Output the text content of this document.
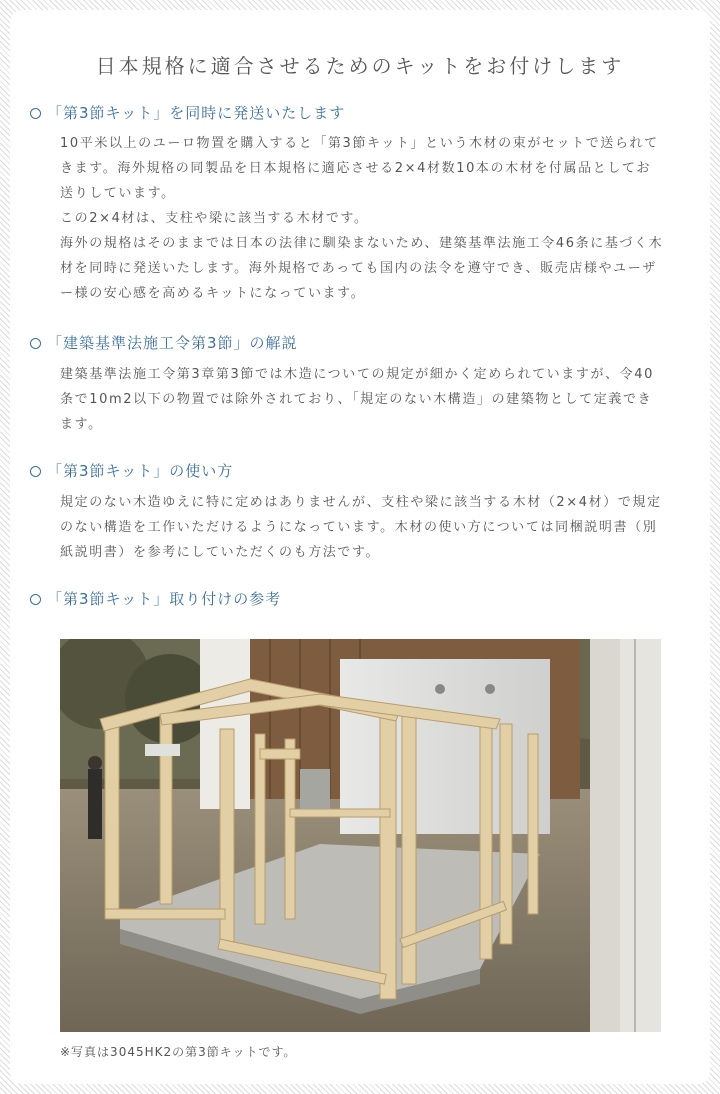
日本規格に適合させるためのキットをお付けします
「第3節キット」を同時に発送いたします

10平米以上のユーロ物置を購入すると「第3節キット」という木材の束がセットで送られてきます。海外規格の同製品を日本規格に適応させる2×4材数10本の木材を付属品としてお送りしています。

この2×4材は、支柱や梁に該当する木材です。

海外の規格はそのままでは日本の法律に馴染まないため、建築基準法施工令46条に基づく木材を同時に発送いたします。海外規格であっても国内の法令を遵守でき、販売店様やユーザー様の安心感を高めるキットになっています。

「建築基準法施工令第3節」の解説

建築基準法施工令第3章第3節では木造についての規定が細かく定められていますが、令40条で10m2以下の物置では除外されており、「規定のない木構造」の建築物として定義できます。

「第3節キット」の使い方

規定のない木造ゆえに特に定めはありませんが、支柱や梁に該当する木材（2×4材）で規定のない構造を工作いただけるようになっています。木材の使い方については同梱説明書（別紙説明書）を参考にしていただくのも方法です。

「第3節キット」取り付けの参考

※写真は3045HK2の第3節キットです。
